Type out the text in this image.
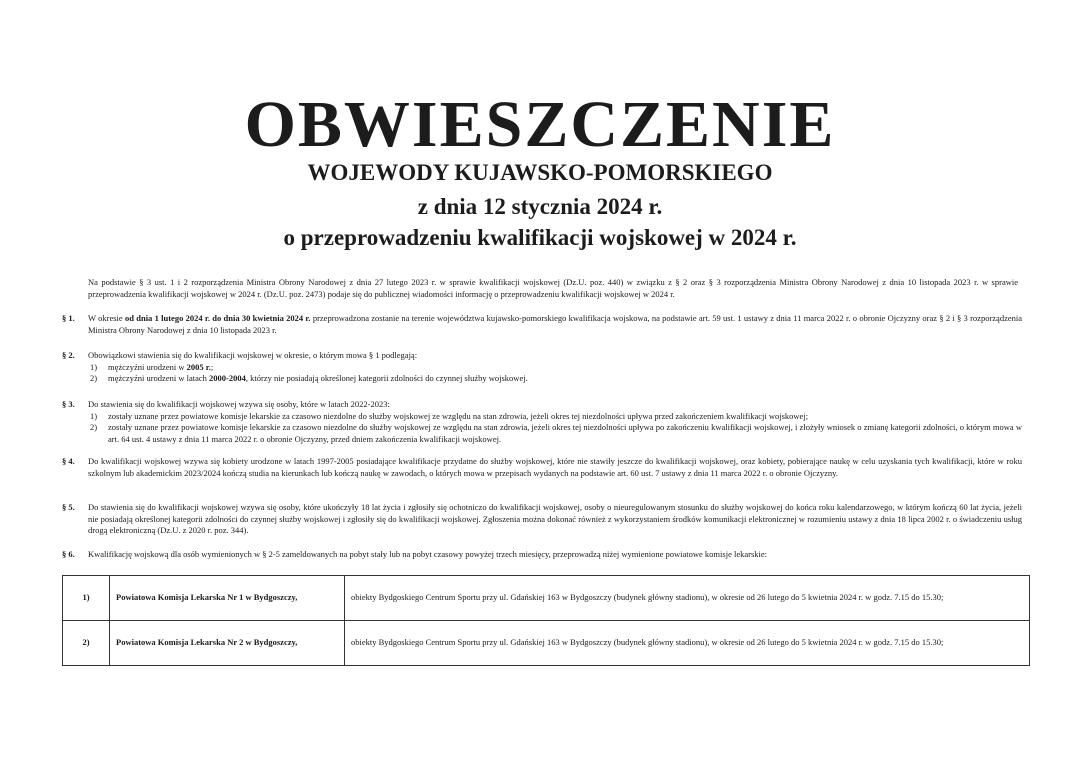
OBWIESZCZENIE
WOJEWODY KUJAWSKO-POMORSKIEGO
z dnia 12 stycznia 2024 r.
o przeprowadzeniu kwalifikacji wojskowej w 2024 r.
Na podstawie § 3 ust. 1 i 2 rozporządzenia Ministra Obrony Narodowej z dnia 27 lutego 2023 r. w sprawie kwalifikacji wojskowej (Dz.U. poz. 440) w związku z § 2 oraz § 3 rozporządzenia Ministra Obrony Narodowej z dnia 10 listopada 2023 r. w sprawie przeprowadzenia kwalifikacji wojskowej w 2024 r. (Dz.U. poz. 2473) podaje się do publicznej wiadomości informację o przeprowadzeniu kwalifikacji wojskowej w 2024 r.
§ 1. W okresie od dnia 1 lutego 2024 r. do dnia 30 kwietnia 2024 r. przeprowadzona zostanie na terenie województwa kujawsko-pomorskiego kwalifikacja wojskowa, na podstawie art. 59 ust. 1 ustawy z dnia 11 marca 2022 r. o obronie Ojczyzny oraz § 2 i § 3 rozporządzenia Ministra Obrony Narodowej z dnia 10 listopada 2023 r.
§ 2. Obowiązkowi stawienia się do kwalifikacji wojskowej w okresie, o którym mowa § 1 podlegają:
1) mężczyźni urodzeni w 2005 r.;
2) mężczyźni urodzeni w latach 2000-2004, którzy nie posiadają określonej kategorii zdolności do czynnej służby wojskowej.
§ 3. Do stawienia się do kwalifikacji wojskowej wzywa się osoby, które w latach 2022-2023:
1) zostały uznane przez powiatowe komisje lekarskie za czasowo niezdolne do służby wojskowej ze względu na stan zdrowia, jeżeli okres tej niezdolności upływa przed zakończeniem kwalifikacji wojskowej;
2) zostały uznane przez powiatowe komisje lekarskie za czasowo niezdolne do służby wojskowej ze względu na stan zdrowia, jeżeli okres tej niezdolności upływa po zakończeniu kwalifikacji wojskowej, i złożyły wniosek o zmianę kategorii zdolności, o którym mowa w art. 64 ust. 4 ustawy z dnia 11 marca 2022 r. o obronie Ojczyzny, przed dniem zakończenia kwalifikacji wojskowej.
§ 4. Do kwalifikacji wojskowej wzywa się kobiety urodzone w latach 1997-2005 posiadające kwalifikacje przydatne do służby wojskowej, które nie stawiły jeszcze do kwalifikacji wojskowej, oraz kobiety, pobierające naukę w celu uzyskania tych kwalifikacji, które w roku szkolnym lub akademickim 2023/2024 kończą studia na kierunkach lub kończą naukę w zawodach, o których mowa w przepisach wydanych na podstawie art. 60 ust. 7 ustawy z dnia 11 marca 2022 r. o obronie Ojczyzny.
§ 5. Do stawienia się do kwalifikacji wojskowej wzywa się osoby, które ukończyły 18 lat życia i zgłosiły się ochotniczo do kwalifikacji wojskowej, osoby o nieuregulowanym stosunku do służby wojskowej do końca roku kalendarzowego, w którym kończą 60 lat życia, jeżeli nie posiadają określonej kategorii zdolności do czynnej służby wojskowej i zgłosiły się do kwalifikacji wojskowej. Zgłoszenia można dokonać również z wykorzystaniem środków komunikacji elektronicznej w rozumieniu ustawy z dnia 18 lipca 2002 r. o świadczeniu usług drogą elektroniczną (Dz.U. z 2020 r. poz. 344).
§ 6. Kwalifikację wojskową dla osób wymienionych w § 2-5 zameldowanych na pobyt stały lub na pobyt czasowy powyżej trzech miesięcy, przeprowadzą niżej wymienione powiatowe komisje lekarskie:
1)	Powiatowa Komisja Lekarska Nr 1 w Bydgoszczy,	obiekty Bydgoskiego Centrum Sportu przy ul. Gdańskiej 163 w Bydgoszczy (budynek główny stadionu), w okresie od 26 lutego do 5 kwietnia 2024 r. w godz. 7.15 do 15.30;
2)	Powiatowa Komisja Lekarska Nr 2 w Bydgoszczy,	obiekty Bydgoskiego Centrum Sportu przy ul. Gdańskiej 163 w Bydgoszczy (budynek główny stadionu), w okresie od 26 lutego do 5 kwietnia 2024 r. w godz. 7.15 do 15.30;
